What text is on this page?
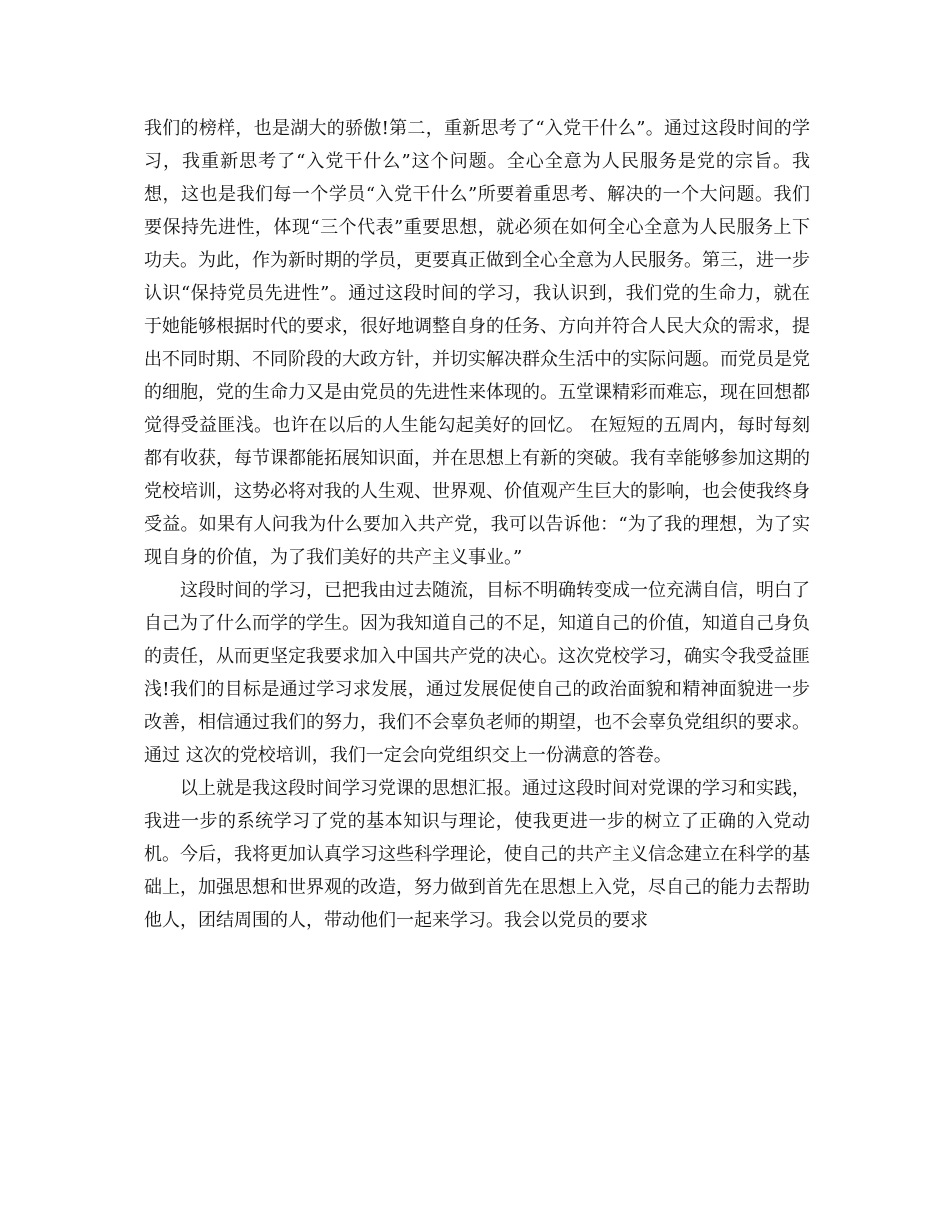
我们的榜样，也是湖大的骄傲!第二，重新思考了“入党干什么”。通过这段时间的学习，我重新思考了“入党干什么”这个问题。全心全意为人民服务是党的宗旨。我想，这也是我们每一个学员“入党干什么”所要着重思考、解决的一个大问题。我们要保持先进性，体现“三个代表”重要思想，就必须在如何全心全意为人民服务上下功夫。为此，作为新时期的学员，更要真正做到全心全意为人民服务。第三，进一步认识“保持党员先进性”。通过这段时间的学习，我认识到，我们党的生命力，就在于她能够根据时代的要求，很好地调整自身的任务、方向并符合人民大众的需求，提出不同时期、不同阶段的大政方针，并切实解决群众生活中的实际问题。而党员是党的细胞，党的生命力又是由党员的先进性来体现的。五堂课精彩而难忘，现在回想都觉得受益匪浅。也许在以后的人生能勾起美好的回忆。 在短短的五周内，每时每刻都有收获，每节课都能拓展知识面，并在思想上有新的突破。我有幸能够参加这期的党校培训，这势必将对我的人生观、世界观、价值观产生巨大的影响，也会使我终身受益。如果有人问我为什么要加入共产党，我可以告诉他：“为了我的理想，为了实现自身的价值，为了我们美好的共产主义事业。”

这段时间的学习，已把我由过去随流，目标不明确转变成一位充满自信，明白了自己为了什么而学的学生。因为我知道自己的不足，知道自己的价值，知道自己身负的责任，从而更坚定我要求加入中国共产党的决心。这次党校学习，确实令我受益匪浅!我们的目标是通过学习求发展，通过发展促使自己的政治面貌和精神面貌进一步改善，相信通过我们的努力，我们不会辜负老师的期望，也不会辜负党组织的要求。通过 这次的党校培训，我们一定会向党组织交上一份满意的答卷。

以上就是我这段时间学习党课的思想汇报。通过这段时间对党课的学习和实践，我进一步的系统学习了党的基本知识与理论，使我更进一步的树立了正确的入党动机。今后，我将更加认真学习这些科学理论，使自己的共产主义信念建立在科学的基础上，加强思想和世界观的改造，努力做到首先在思想上入党，尽自己的能力去帮助他人，团结周围的人，带动他们一起来学习。我会以党员的要求
